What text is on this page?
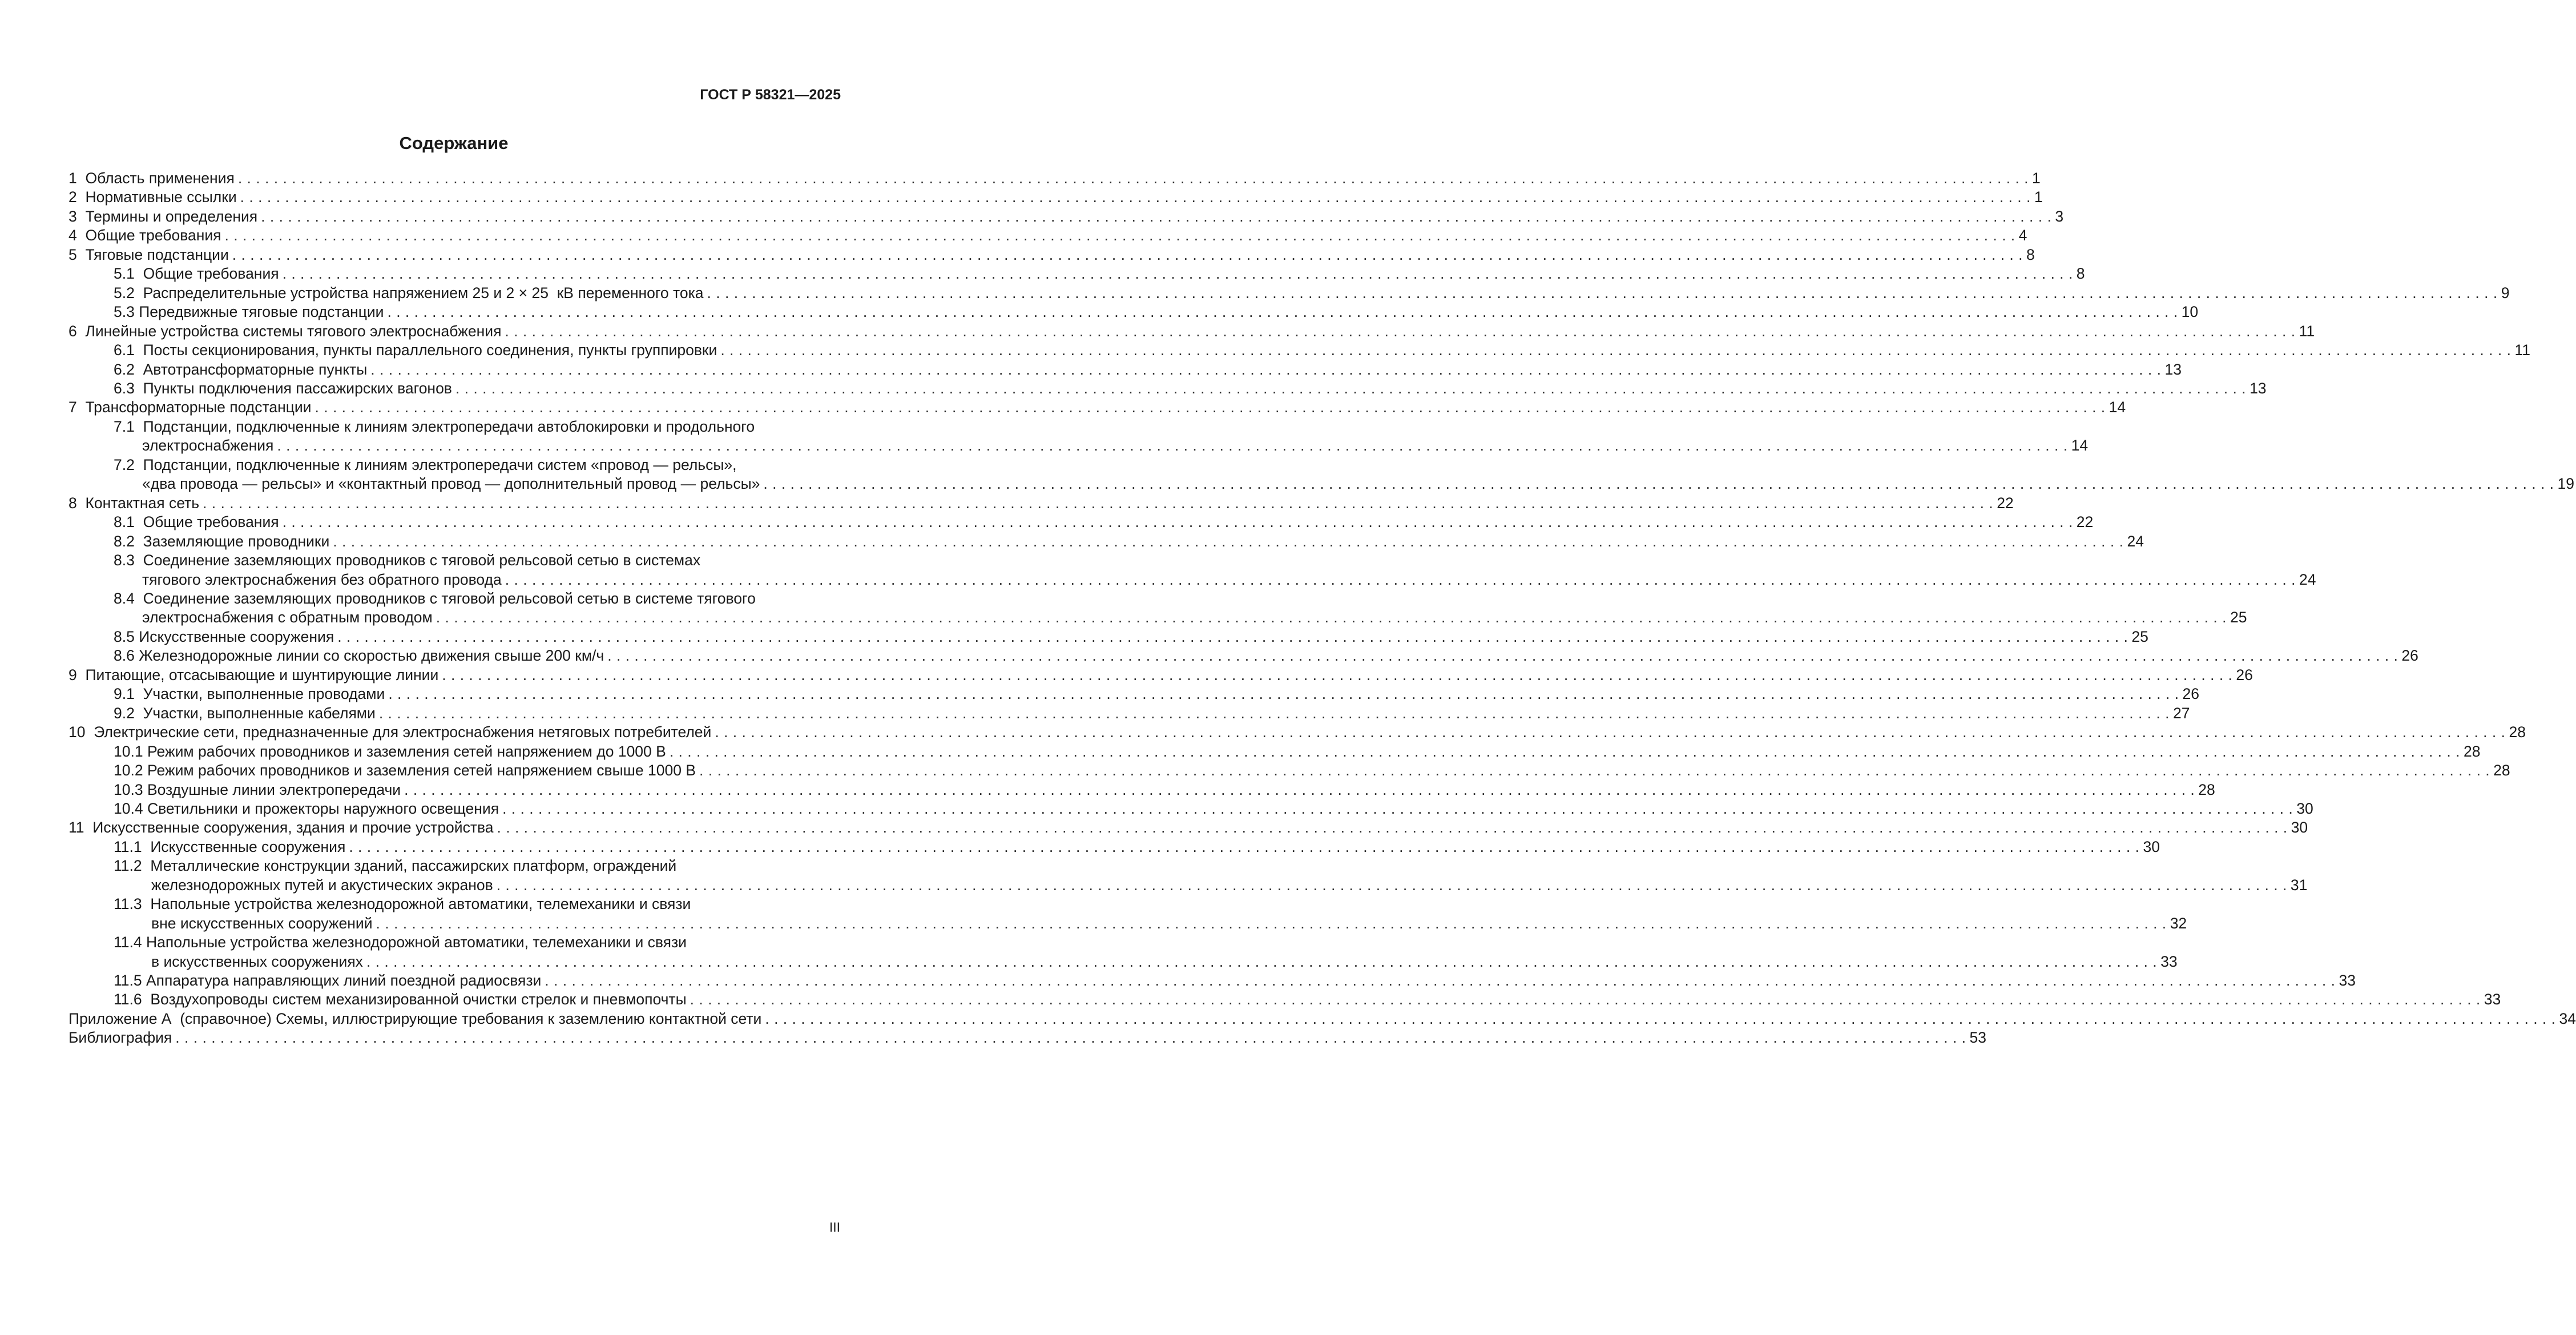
ГОСТ Р 58321—2025
Содержание
1  Область применения . . . . . . . . . . . . . . . . . . . . . . . . . . . . . . . . . . . . . . . . . . . . . . . . . . . . . . . . . . . . . . . . . . . . . . . . . . . . . . . . . . . . . . . . . . . . . . . . . . . . . . . . . . . . . . . . . . . . . . . . . . . . . . . . . . . . . . . . . . . . . . . . . . . . . . . . . . . . . . . . . . . . . . . . . . . . . . . . . . . . . . . . . . . . . . . . . . . . . . . . 1
2  Нормативные ссылки . . . . . . . . . . . . . . . . . . . . . . . . . . . . . . . . . . . . . . . . . . . . . . . . . . . . . . . . . . . . . . . . . . . . . . . . . . . . . . . . . . . . . . . . . . . . . . . . . . . . . . . . . . . . . . . . . . . . . . . . . . . . . . . . . . . . . . . . . . . . . . . . . . . . . . . . . . . . . . . . . . . . . . . . . . . . . . . . . . . . . . . . . . . . . . . . . . . . . . . . 1
3  Термины и определения . . . . . . . . . . . . . . . . . . . . . . . . . . . . . . . . . . . . . . . . . . . . . . . . . . . . . . . . . . . . . . . . . . . . . . . . . . . . . . . . . . . . . . . . . . . . . . . . . . . . . . . . . . . . . . . . . . . . . . . . . . . . . . . . . . . . . . . . . . . . . . . . . . . . . . . . . . . . . . . . . . . . . . . . . . . . . . . . . . . . . . . . . . . . . . . . . . . . . . . . 3
4  Общие требования . . . . . . . . . . . . . . . . . . . . . . . . . . . . . . . . . . . . . . . . . . . . . . . . . . . . . . . . . . . . . . . . . . . . . . . . . . . . . . . . . . . . . . . . . . . . . . . . . . . . . . . . . . . . . . . . . . . . . . . . . . . . . . . . . . . . . . . . . . . . . . . . . . . . . . . . . . . . . . . . . . . . . . . . . . . . . . . . . . . . . . . . . . . . . . . . . . . . . . . . 4
5  Тяговые подстанции . . . . . . . . . . . . . . . . . . . . . . . . . . . . . . . . . . . . . . . . . . . . . . . . . . . . . . . . . . . . . . . . . . . . . . . . . . . . . . . . . . . . . . . . . . . . . . . . . . . . . . . . . . . . . . . . . . . . . . . . . . . . . . . . . . . . . . . . . . . . . . . . . . . . . . . . . . . . . . . . . . . . . . . . . . . . . . . . . . . . . . . . . . . . . . . . . . . . . . . . 8
5.1  Общие требования . . . . . . . . . . . . . . . . . . . . . . . . . . . . . . . . . . . . . . . . . . . . . . . . . . . . . . . . . . . . . . . . . . . . . . . . . . . . . . . . . . . . . . . . . . . . . . . . . . . . . . . . . . . . . . . . . . . . . . . . . . . . . . . . . . . . . . . . . . . . . . . . . . . . . . . . . . . . . . . . . . . . . . . . . . . . . . . . . . . . . . . . . . . . . . . . . . . . . . . . 8
5.2  Распределительные устройства напряжением 25 и 2 × 25  кВ переменного тока . . . . . . . . . . . . . . . . . . . . . . . . . . . . . . . . . . . . . . . . . . . . . . . . . . . . . . . . . . . . . . . . . . . . . . . . . . . . . . . . . . . . . . . . . . . . . . . . . . . . . . . . . . . . . . . . . . . . . . . . . . . . . . . . . . . . . . . . . . . . . . . . . . . . . . . . . . . . . . . . . . . . . . . . . . . . . . . . . . . . . . . . . . . . . . . . . . . . . . . . 9
5.3 Передвижные тяговые подстанции . . . . . . . . . . . . . . . . . . . . . . . . . . . . . . . . . . . . . . . . . . . . . . . . . . . . . . . . . . . . . . . . . . . . . . . . . . . . . . . . . . . . . . . . . . . . . . . . . . . . . . . . . . . . . . . . . . . . . . . . . . . . . . . . . . . . . . . . . . . . . . . . . . . . . . . . . . . . . . . . . . . . . . . . . . . . . . . . . . . . . . . . . . . . . . . . . . . . . . . . 10
6  Линейные устройства системы тягового электроснабжения . . . . . . . . . . . . . . . . . . . . . . . . . . . . . . . . . . . . . . . . . . . . . . . . . . . . . . . . . . . . . . . . . . . . . . . . . . . . . . . . . . . . . . . . . . . . . . . . . . . . . . . . . . . . . . . . . . . . . . . . . . . . . . . . . . . . . . . . . . . . . . . . . . . . . . . . . . . . . . . . . . . . . . . . . . . . . . . . . . . . . . . . . . . . . . . . . . . . . . . . 11
6.1  Посты секционирования, пункты параллельного соединения, пункты группировки . . . . . . . . . . . . . . . . . . . . . . . . . . . . . . . . . . . . . . . . . . . . . . . . . . . . . . . . . . . . . . . . . . . . . . . . . . . . . . . . . . . . . . . . . . . . . . . . . . . . . . . . . . . . . . . . . . . . . . . . . . . . . . . . . . . . . . . . . . . . . . . . . . . . . . . . . . . . . . . . . . . . . . . . . . . . . . . . . . . . . . . . . . . . . . . . . . . . . . . . 11
6.2  Автотрансформаторные пункты . . . . . . . . . . . . . . . . . . . . . . . . . . . . . . . . . . . . . . . . . . . . . . . . . . . . . . . . . . . . . . . . . . . . . . . . . . . . . . . . . . . . . . . . . . . . . . . . . . . . . . . . . . . . . . . . . . . . . . . . . . . . . . . . . . . . . . . . . . . . . . . . . . . . . . . . . . . . . . . . . . . . . . . . . . . . . . . . . . . . . . . . . . . . . . . . . . . . . . . . 13
6.3  Пункты подключения пассажирских вагонов . . . . . . . . . . . . . . . . . . . . . . . . . . . . . . . . . . . . . . . . . . . . . . . . . . . . . . . . . . . . . . . . . . . . . . . . . . . . . . . . . . . . . . . . . . . . . . . . . . . . . . . . . . . . . . . . . . . . . . . . . . . . . . . . . . . . . . . . . . . . . . . . . . . . . . . . . . . . . . . . . . . . . . . . . . . . . . . . . . . . . . . . . . . . . . . . . . . . . . . . 13
7  Трансформаторные подстанции . . . . . . . . . . . . . . . . . . . . . . . . . . . . . . . . . . . . . . . . . . . . . . . . . . . . . . . . . . . . . . . . . . . . . . . . . . . . . . . . . . . . . . . . . . . . . . . . . . . . . . . . . . . . . . . . . . . . . . . . . . . . . . . . . . . . . . . . . . . . . . . . . . . . . . . . . . . . . . . . . . . . . . . . . . . . . . . . . . . . . . . . . . . . . . . . . . . . . . . . 14
7.1  Подстанции, подключенные к линиям электропередачи автоблокировки и продольного
электроснабжения . . . . . . . . . . . . . . . . . . . . . . . . . . . . . . . . . . . . . . . . . . . . . . . . . . . . . . . . . . . . . . . . . . . . . . . . . . . . . . . . . . . . . . . . . . . . . . . . . . . . . . . . . . . . . . . . . . . . . . . . . . . . . . . . . . . . . . . . . . . . . . . . . . . . . . . . . . . . . . . . . . . . . . . . . . . . . . . . . . . . . . . . . . . . . . . . . . . . . . . . 14
7.2  Подстанции, подключенные к линиям электропередачи систем «провод — рельсы»,
«два провода — рельсы» и «контактный провод — дополнительный провод — рельсы» . . . . . . . . . . . . . . . . . . . . . . . . . . . . . . . . . . . . . . . . . . . . . . . . . . . . . . . . . . . . . . . . . . . . . . . . . . . . . . . . . . . . . . . . . . . . . . . . . . . . . . . . . . . . . . . . . . . . . . . . . . . . . . . . . . . . . . . . . . . . . . . . . . . . . . . . . . . . . . . . . . . . . . . . . . . . . . . . . . . . . . . . . . . . . . . . . . . . . . . . 19
8  Контактная сеть . . . . . . . . . . . . . . . . . . . . . . . . . . . . . . . . . . . . . . . . . . . . . . . . . . . . . . . . . . . . . . . . . . . . . . . . . . . . . . . . . . . . . . . . . . . . . . . . . . . . . . . . . . . . . . . . . . . . . . . . . . . . . . . . . . . . . . . . . . . . . . . . . . . . . . . . . . . . . . . . . . . . . . . . . . . . . . . . . . . . . . . . . . . . . . . . . . . . . . . . 22
8.1  Общие требования . . . . . . . . . . . . . . . . . . . . . . . . . . . . . . . . . . . . . . . . . . . . . . . . . . . . . . . . . . . . . . . . . . . . . . . . . . . . . . . . . . . . . . . . . . . . . . . . . . . . . . . . . . . . . . . . . . . . . . . . . . . . . . . . . . . . . . . . . . . . . . . . . . . . . . . . . . . . . . . . . . . . . . . . . . . . . . . . . . . . . . . . . . . . . . . . . . . . . . . . 22
8.2  Заземляющие проводники . . . . . . . . . . . . . . . . . . . . . . . . . . . . . . . . . . . . . . . . . . . . . . . . . . . . . . . . . . . . . . . . . . . . . . . . . . . . . . . . . . . . . . . . . . . . . . . . . . . . . . . . . . . . . . . . . . . . . . . . . . . . . . . . . . . . . . . . . . . . . . . . . . . . . . . . . . . . . . . . . . . . . . . . . . . . . . . . . . . . . . . . . . . . . . . . . . . . . . . . 24
8.3  Соединение заземляющих проводников с тяговой рельсовой сетью в системах
тягового электроснабжения без обратного провода . . . . . . . . . . . . . . . . . . . . . . . . . . . . . . . . . . . . . . . . . . . . . . . . . . . . . . . . . . . . . . . . . . . . . . . . . . . . . . . . . . . . . . . . . . . . . . . . . . . . . . . . . . . . . . . . . . . . . . . . . . . . . . . . . . . . . . . . . . . . . . . . . . . . . . . . . . . . . . . . . . . . . . . . . . . . . . . . . . . . . . . . . . . . . . . . . . . . . . . . 24
8.4  Соединение заземляющих проводников с тяговой рельсовой сетью в системе тягового
электроснабжения с обратным проводом . . . . . . . . . . . . . . . . . . . . . . . . . . . . . . . . . . . . . . . . . . . . . . . . . . . . . . . . . . . . . . . . . . . . . . . . . . . . . . . . . . . . . . . . . . . . . . . . . . . . . . . . . . . . . . . . . . . . . . . . . . . . . . . . . . . . . . . . . . . . . . . . . . . . . . . . . . . . . . . . . . . . . . . . . . . . . . . . . . . . . . . . . . . . . . . . . . . . . . . . 25
8.5 Искусственные сооружения . . . . . . . . . . . . . . . . . . . . . . . . . . . . . . . . . . . . . . . . . . . . . . . . . . . . . . . . . . . . . . . . . . . . . . . . . . . . . . . . . . . . . . . . . . . . . . . . . . . . . . . . . . . . . . . . . . . . . . . . . . . . . . . . . . . . . . . . . . . . . . . . . . . . . . . . . . . . . . . . . . . . . . . . . . . . . . . . . . . . . . . . . . . . . . . . . . . . . . . . 25
8.6 Железнодорожные линии со скоростью движения свыше 200 км/ч . . . . . . . . . . . . . . . . . . . . . . . . . . . . . . . . . . . . . . . . . . . . . . . . . . . . . . . . . . . . . . . . . . . . . . . . . . . . . . . . . . . . . . . . . . . . . . . . . . . . . . . . . . . . . . . . . . . . . . . . . . . . . . . . . . . . . . . . . . . . . . . . . . . . . . . . . . . . . . . . . . . . . . . . . . . . . . . . . . . . . . . . . . . . . . . . . . . . . . . . 26
9  Питающие, отсасывающие и шунтирующие линии . . . . . . . . . . . . . . . . . . . . . . . . . . . . . . . . . . . . . . . . . . . . . . . . . . . . . . . . . . . . . . . . . . . . . . . . . . . . . . . . . . . . . . . . . . . . . . . . . . . . . . . . . . . . . . . . . . . . . . . . . . . . . . . . . . . . . . . . . . . . . . . . . . . . . . . . . . . . . . . . . . . . . . . . . . . . . . . . . . . . . . . . . . . . . . . . . . . . . . . . 26
9.1  Участки, выполненные проводами . . . . . . . . . . . . . . . . . . . . . . . . . . . . . . . . . . . . . . . . . . . . . . . . . . . . . . . . . . . . . . . . . . . . . . . . . . . . . . . . . . . . . . . . . . . . . . . . . . . . . . . . . . . . . . . . . . . . . . . . . . . . . . . . . . . . . . . . . . . . . . . . . . . . . . . . . . . . . . . . . . . . . . . . . . . . . . . . . . . . . . . . . . . . . . . . . . . . . . . . 26
9.2  Участки, выполненные кабелями . . . . . . . . . . . . . . . . . . . . . . . . . . . . . . . . . . . . . . . . . . . . . . . . . . . . . . . . . . . . . . . . . . . . . . . . . . . . . . . . . . . . . . . . . . . . . . . . . . . . . . . . . . . . . . . . . . . . . . . . . . . . . . . . . . . . . . . . . . . . . . . . . . . . . . . . . . . . . . . . . . . . . . . . . . . . . . . . . . . . . . . . . . . . . . . . . . . . . . . . 27
10  Электрические сети, предназначенные для электроснабжения нетяговых потребителей . . . . . . . . . . . . . . . . . . . . . . . . . . . . . . . . . . . . . . . . . . . . . . . . . . . . . . . . . . . . . . . . . . . . . . . . . . . . . . . . . . . . . . . . . . . . . . . . . . . . . . . . . . . . . . . . . . . . . . . . . . . . . . . . . . . . . . . . . . . . . . . . . . . . . . . . . . . . . . . . . . . . . . . . . . . . . . . . . . . . . . . . . . . . . . . . . . . . . . . . 28
10.1 Режим рабочих проводников и заземления сетей напряжением до 1000 В . . . . . . . . . . . . . . . . . . . . . . . . . . . . . . . . . . . . . . . . . . . . . . . . . . . . . . . . . . . . . . . . . . . . . . . . . . . . . . . . . . . . . . . . . . . . . . . . . . . . . . . . . . . . . . . . . . . . . . . . . . . . . . . . . . . . . . . . . . . . . . . . . . . . . . . . . . . . . . . . . . . . . . . . . . . . . . . . . . . . . . . . . . . . . . . . . . . . . . . . 28
10.2 Режим рабочих проводников и заземления сетей напряжением свыше 1000 В . . . . . . . . . . . . . . . . . . . . . . . . . . . . . . . . . . . . . . . . . . . . . . . . . . . . . . . . . . . . . . . . . . . . . . . . . . . . . . . . . . . . . . . . . . . . . . . . . . . . . . . . . . . . . . . . . . . . . . . . . . . . . . . . . . . . . . . . . . . . . . . . . . . . . . . . . . . . . . . . . . . . . . . . . . . . . . . . . . . . . . . . . . . . . . . . . . . . . . . . 28
10.3 Воздушные линии электропередачи . . . . . . . . . . . . . . . . . . . . . . . . . . . . . . . . . . . . . . . . . . . . . . . . . . . . . . . . . . . . . . . . . . . . . . . . . . . . . . . . . . . . . . . . . . . . . . . . . . . . . . . . . . . . . . . . . . . . . . . . . . . . . . . . . . . . . . . . . . . . . . . . . . . . . . . . . . . . . . . . . . . . . . . . . . . . . . . . . . . . . . . . . . . . . . . . . . . . . . . . 28
10.4 Светильники и прожекторы наружного освещения . . . . . . . . . . . . . . . . . . . . . . . . . . . . . . . . . . . . . . . . . . . . . . . . . . . . . . . . . . . . . . . . . . . . . . . . . . . . . . . . . . . . . . . . . . . . . . . . . . . . . . . . . . . . . . . . . . . . . . . . . . . . . . . . . . . . . . . . . . . . . . . . . . . . . . . . . . . . . . . . . . . . . . . . . . . . . . . . . . . . . . . . . . . . . . . . . . . . . . . . 30
11  Искусственные сооружения, здания и прочие устройства . . . . . . . . . . . . . . . . . . . . . . . . . . . . . . . . . . . . . . . . . . . . . . . . . . . . . . . . . . . . . . . . . . . . . . . . . . . . . . . . . . . . . . . . . . . . . . . . . . . . . . . . . . . . . . . . . . . . . . . . . . . . . . . . . . . . . . . . . . . . . . . . . . . . . . . . . . . . . . . . . . . . . . . . . . . . . . . . . . . . . . . . . . . . . . . . . . . . . . . . 30
11.1  Искусственные сооружения . . . . . . . . . . . . . . . . . . . . . . . . . . . . . . . . . . . . . . . . . . . . . . . . . . . . . . . . . . . . . . . . . . . . . . . . . . . . . . . . . . . . . . . . . . . . . . . . . . . . . . . . . . . . . . . . . . . . . . . . . . . . . . . . . . . . . . . . . . . . . . . . . . . . . . . . . . . . . . . . . . . . . . . . . . . . . . . . . . . . . . . . . . . . . . . . . . . . . . . . 30
11.2  Металлические конструкции зданий, пассажирских платформ, ограждений
железнодорожных путей и акустических экранов . . . . . . . . . . . . . . . . . . . . . . . . . . . . . . . . . . . . . . . . . . . . . . . . . . . . . . . . . . . . . . . . . . . . . . . . . . . . . . . . . . . . . . . . . . . . . . . . . . . . . . . . . . . . . . . . . . . . . . . . . . . . . . . . . . . . . . . . . . . . . . . . . . . . . . . . . . . . . . . . . . . . . . . . . . . . . . . . . . . . . . . . . . . . . . . . . . . . . . . . 31
11.3  Напольные устройства железнодорожной автоматики, телемеханики и связи
вне искусственных сооружений . . . . . . . . . . . . . . . . . . . . . . . . . . . . . . . . . . . . . . . . . . . . . . . . . . . . . . . . . . . . . . . . . . . . . . . . . . . . . . . . . . . . . . . . . . . . . . . . . . . . . . . . . . . . . . . . . . . . . . . . . . . . . . . . . . . . . . . . . . . . . . . . . . . . . . . . . . . . . . . . . . . . . . . . . . . . . . . . . . . . . . . . . . . . . . . . . . . . . . . . 32
11.4 Напольные устройства железнодорожной автоматики, телемеханики и связи
в искусственных сооружениях . . . . . . . . . . . . . . . . . . . . . . . . . . . . . . . . . . . . . . . . . . . . . . . . . . . . . . . . . . . . . . . . . . . . . . . . . . . . . . . . . . . . . . . . . . . . . . . . . . . . . . . . . . . . . . . . . . . . . . . . . . . . . . . . . . . . . . . . . . . . . . . . . . . . . . . . . . . . . . . . . . . . . . . . . . . . . . . . . . . . . . . . . . . . . . . . . . . . . . . . 33
11.5 Аппаратура направляющих линий поездной радиосвязи . . . . . . . . . . . . . . . . . . . . . . . . . . . . . . . . . . . . . . . . . . . . . . . . . . . . . . . . . . . . . . . . . . . . . . . . . . . . . . . . . . . . . . . . . . . . . . . . . . . . . . . . . . . . . . . . . . . . . . . . . . . . . . . . . . . . . . . . . . . . . . . . . . . . . . . . . . . . . . . . . . . . . . . . . . . . . . . . . . . . . . . . . . . . . . . . . . . . . . . . 33
11.6  Воздухопроводы систем механизированной очистки стрелок и пневмопочты . . . . . . . . . . . . . . . . . . . . . . . . . . . . . . . . . . . . . . . . . . . . . . . . . . . . . . . . . . . . . . . . . . . . . . . . . . . . . . . . . . . . . . . . . . . . . . . . . . . . . . . . . . . . . . . . . . . . . . . . . . . . . . . . . . . . . . . . . . . . . . . . . . . . . . . . . . . . . . . . . . . . . . . . . . . . . . . . . . . . . . . . . . . . . . . . . . . . . . . . 33
Приложение А  (справочное) Схемы, иллюстрирующие требования к заземлению контактной сети . . . . . . . . . . . . . . . . . . . . . . . . . . . . . . . . . . . . . . . . . . . . . . . . . . . . . . . . . . . . . . . . . . . . . . . . . . . . . . . . . . . . . . . . . . . . . . . . . . . . . . . . . . . . . . . . . . . . . . . . . . . . . . . . . . . . . . . . . . . . . . . . . . . . . . . . . . . . . . . . . . . . . . . . . . . . . . . . . . . . . . . . . . . . . . . . . . . . . . . . 34
Библиография . . . . . . . . . . . . . . . . . . . . . . . . . . . . . . . . . . . . . . . . . . . . . . . . . . . . . . . . . . . . . . . . . . . . . . . . . . . . . . . . . . . . . . . . . . . . . . . . . . . . . . . . . . . . . . . . . . . . . . . . . . . . . . . . . . . . . . . . . . . . . . . . . . . . . . . . . . . . . . . . . . . . . . . . . . . . . . . . . . . . . . . . . . . . . . . . . . . . . . . . 53
III
